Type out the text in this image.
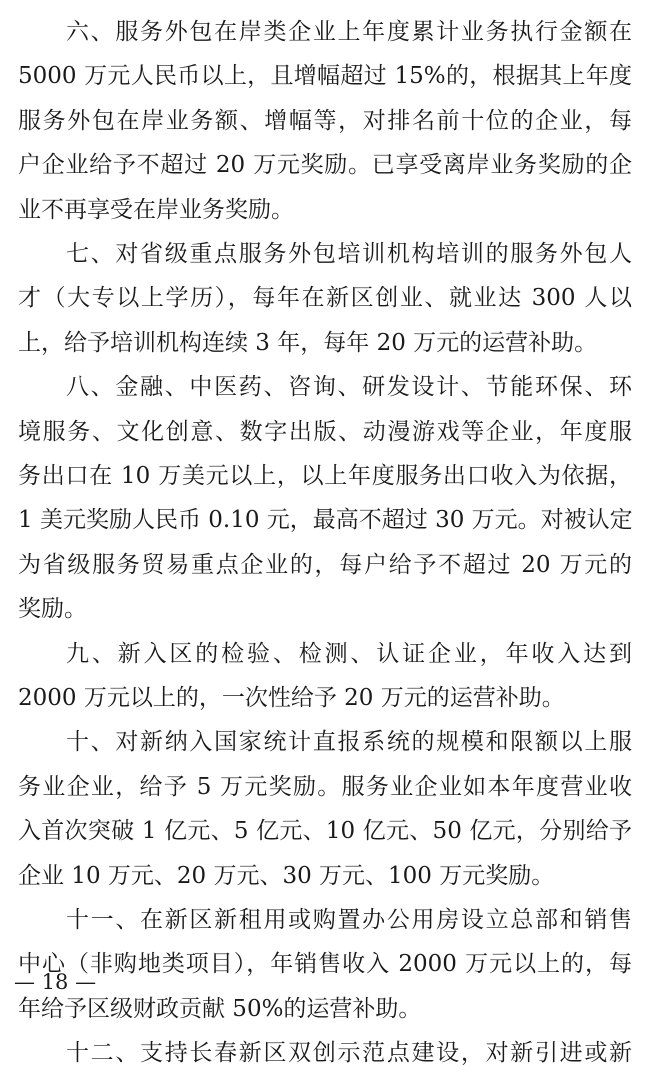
六、服务外包在岸类企业上年度累计业务执行金额在
5000 万元人民币以上，且增幅超过 15%的，根据其上年度
服务外包在岸业务额、增幅等，对排名前十位的企业，每
户企业给予不超过 20 万元奖励。已享受离岸业务奖励的企
业不再享受在岸业务奖励。
七、对省级重点服务外包培训机构培训的服务外包人
才（大专以上学历），每年在新区创业、就业达 300 人以
上，给予培训机构连续 3 年，每年 20 万元的运营补助。
八、金融、中医药、咨询、研发设计、节能环保、环
境服务、文化创意、数字出版、动漫游戏等企业，年度服
务出口在 10 万美元以上，以上年度服务出口收入为依据，
1 美元奖励人民币 0.10 元，最高不超过 30 万元。对被认定
为省级服务贸易重点企业的，每户给予不超过 20 万元的
奖励。
九、新入区的检验、检测、认证企业，年收入达到
2000 万元以上的，一次性给予 20 万元的运营补助。
十、对新纳入国家统计直报系统的规模和限额以上服
务业企业，给予 5 万元奖励。服务业企业如本年度营业收
入首次突破 1 亿元、5 亿元、10 亿元、50 亿元，分别给予
企业 10 万元、20 万元、30 万元、100 万元奖励。
十一、在新区新租用或购置办公用房设立总部和销售
中心（非购地类项目），年销售收入 2000 万元以上的，每
年给予区级财政贡献 50%的运营补助。
十二、支持长春新区双创示范点建设，对新引进或新
— 18 —
